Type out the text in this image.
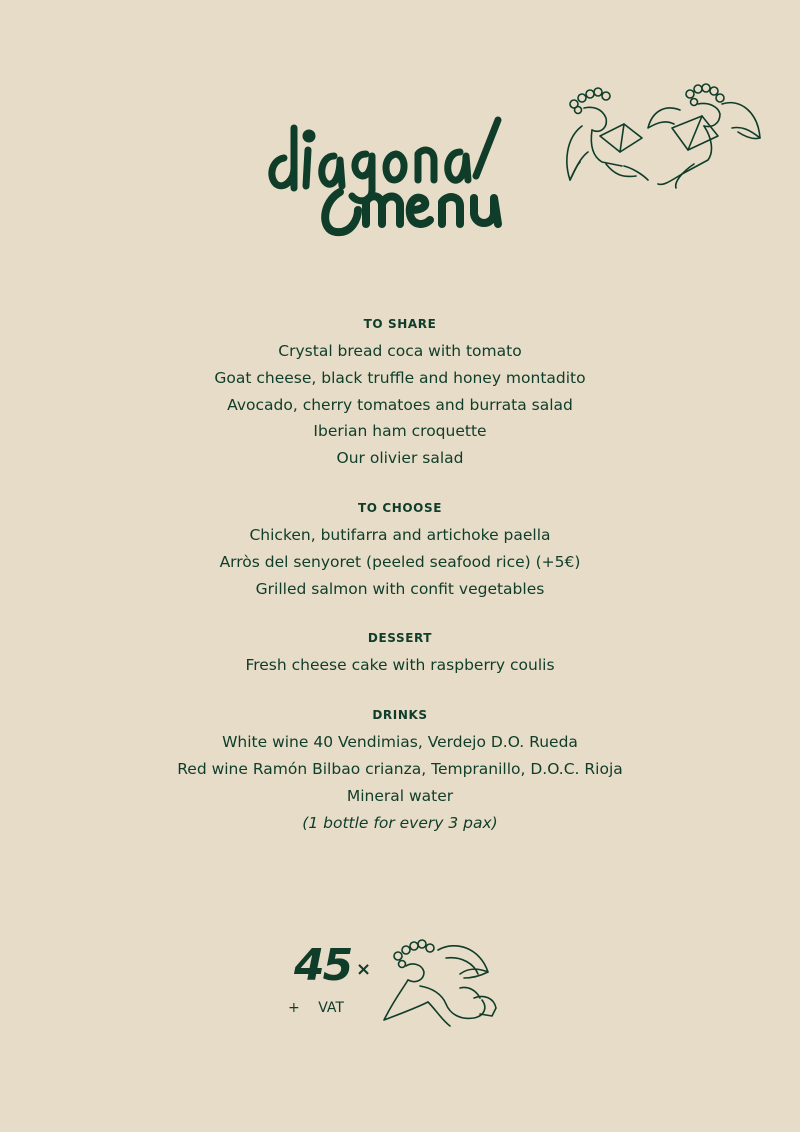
TO SHARE

Crystal bread coca with tomato

Goat cheese, black truffle and honey montadito

Avocado, cherry tomatoes and burrata salad

Iberian ham croquette

Our olivier salad

TO CHOOSE

Chicken, butifarra and artichoke paella

Arròs del senyoret (peeled seafood rice) (+5€)

Grilled salmon with confit vegetables

DESSERT

Fresh cheese cake with raspberry coulis

DRINKS

White wine 40 Vendimias, Verdejo D.O. Rueda

Red wine Ramón Bilbao crianza, Tempranillo, D.O.C. Rioja

Mineral water

(1 bottle for every 3 pax)

45 ×
+ VAT
